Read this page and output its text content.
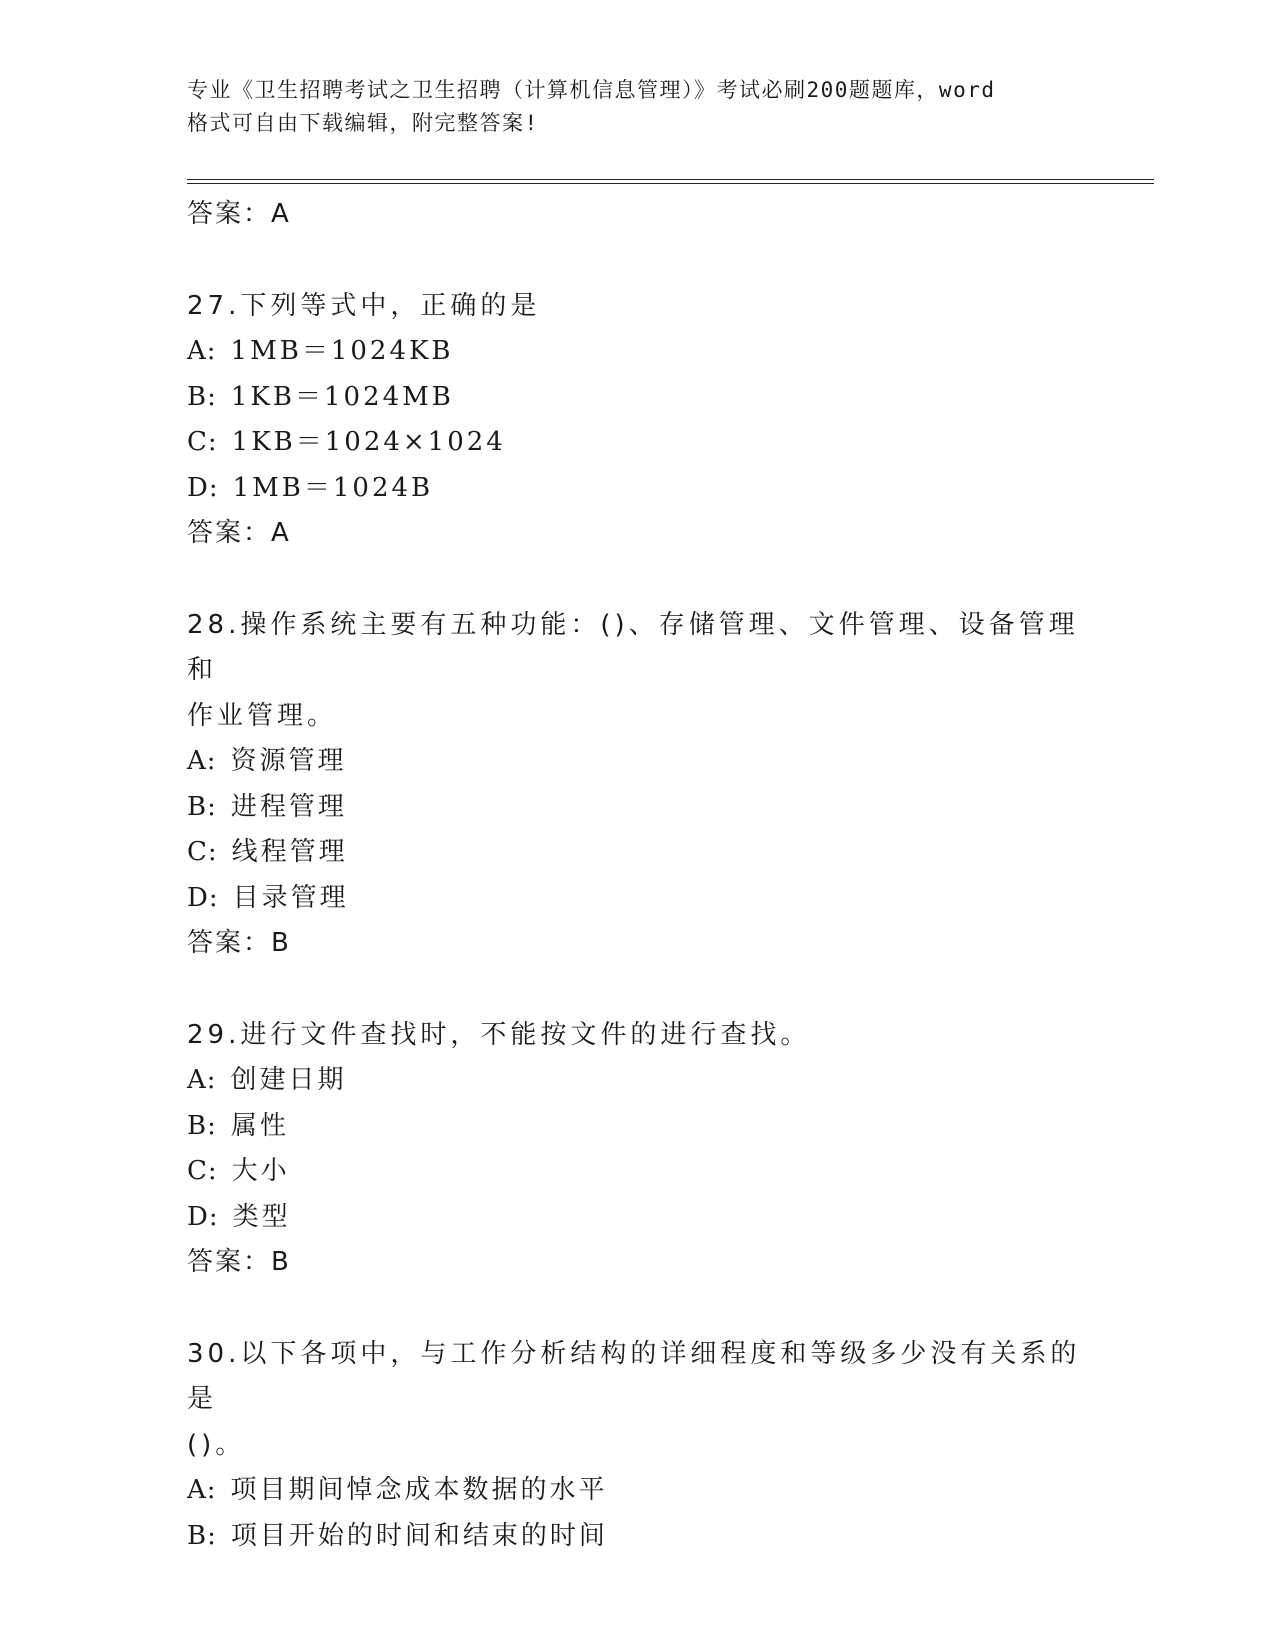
专业《卫生招聘考试之卫生招聘（计算机信息管理）》考试必刷200题题库，word
格式可自由下载编辑，附完整答案!
答案：A
27.下列等式中，正确的是
A: 1MB＝1024KB
B: 1KB＝1024MB
C: 1KB＝1024×1024
D: 1MB＝1024B
答案：A
28.操作系统主要有五种功能：()、存储管理、文件管理、设备管理和
作业管理。
A: 资源管理
B: 进程管理
C: 线程管理
D: 目录管理
答案：B
29.进行文件查找时，不能按文件的进行查找。
A: 创建日期
B: 属性
C: 大小
D: 类型
答案：B
30.以下各项中，与工作分析结构的详细程度和等级多少没有关系的是
()。
A: 项目期间悼念成本数据的水平
B: 项目开始的时间和结束的时间
